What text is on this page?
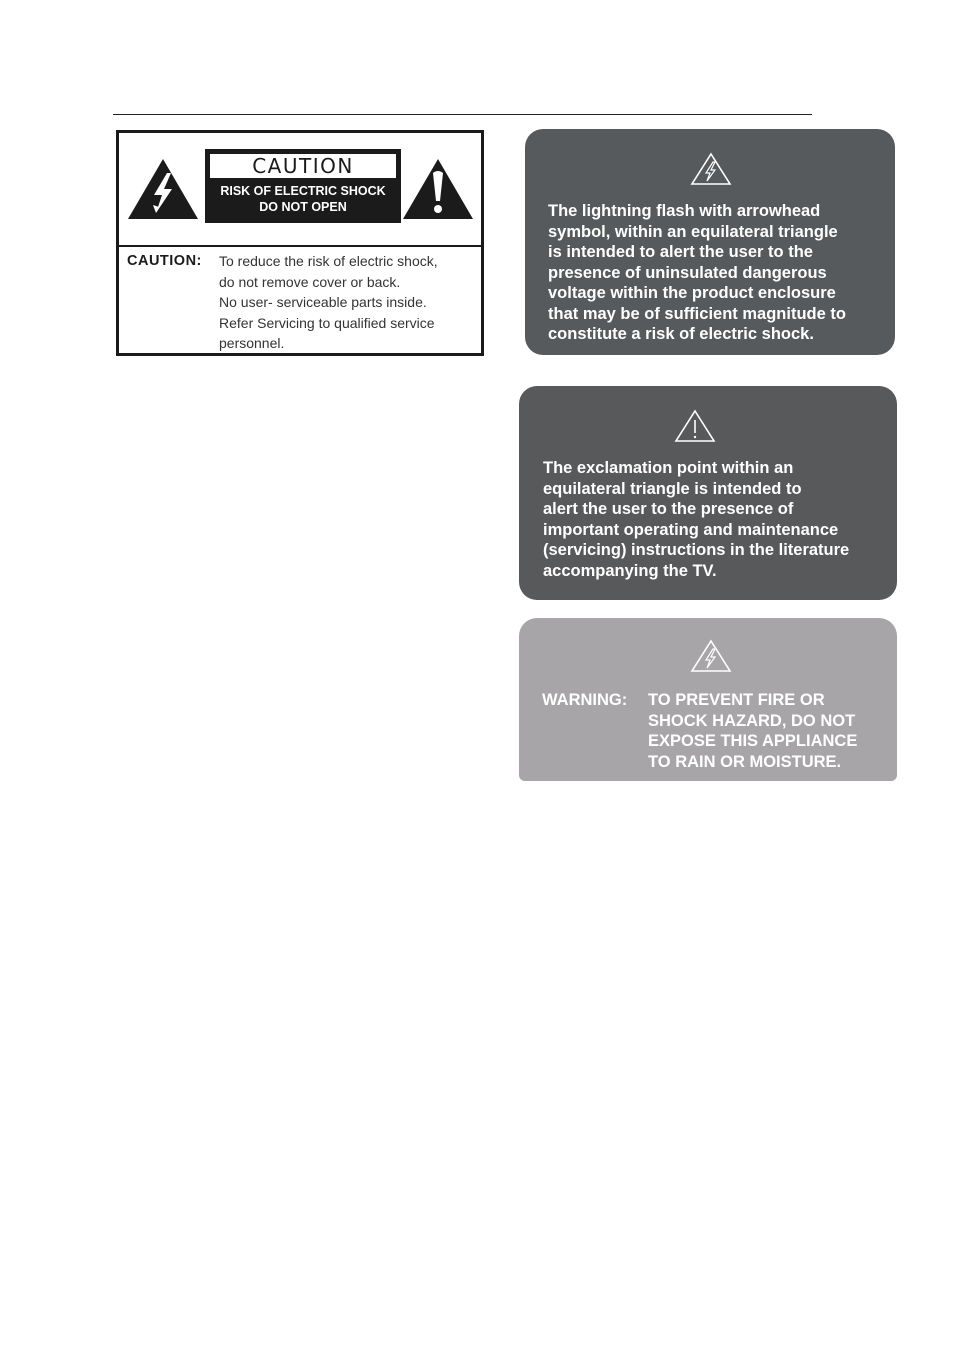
CAUTION
RISK OF ELECTRIC SHOCK
DO NOT OPEN
CAUTION: To reduce the risk of electric shock,
do not remove cover or back.
No user- serviceable parts inside.
Refer Servicing to qualified service
personnel.
The lightning flash with arrowhead
symbol, within an equilateral triangle
is intended to alert the user to the
presence of uninsulated dangerous
voltage within the product enclosure
that may be of sufficient magnitude to
constitute a risk of electric shock.
The exclamation point within an
equilateral triangle is intended to
alert the user to the presence of
important operating and maintenance
(servicing) instructions in the literature
accompanying the TV.
WARNING: TO PREVENT FIRE OR
SHOCK HAZARD, DO NOT
EXPOSE THIS APPLIANCE
TO RAIN OR MOISTURE.
